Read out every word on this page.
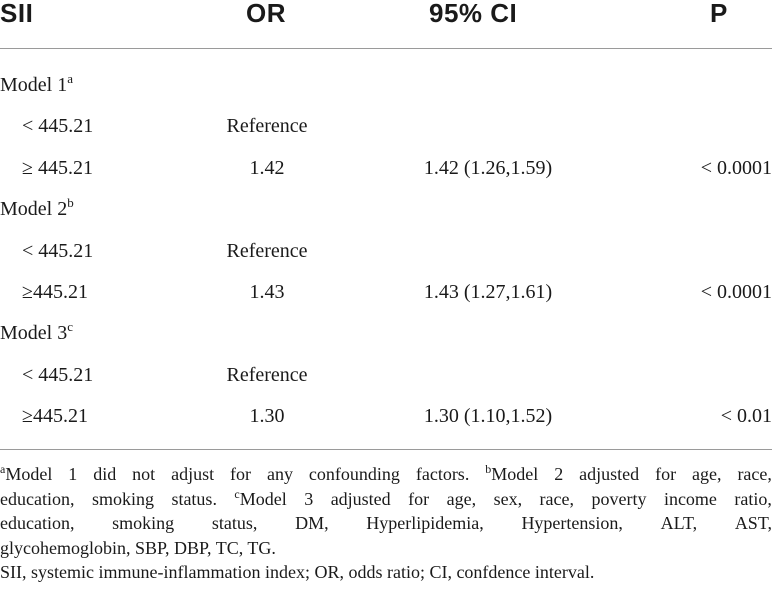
SII	OR	95% CI	P
Model $1^a$
< 445.21	Reference
≥ 445.21	1.42	1.42 (1.26,1.59)	< 0.0001
Model $2^b$
< 445.21	Reference
≥445.21	1.43	1.43 (1.27,1.61)	< 0.0001
Model $3^c$
< 445.21	Reference
≥445.21	1.30	1.30 (1.10,1.52)	< 0.01
$^a$Model 1 did not adjust for any confounding factors. $^b$Model 2 adjusted for age, race,
education, smoking status. $^c$Model 3 adjusted for age, sex, race, poverty income ratio,
education, smoking status, DM, Hyperlipidemia, Hypertension, ALT, AST,
glycohemoglobin, SBP, DBP, TC, TG.
SII, systemic immune-inflammation index; OR, odds ratio; CI, confdence interval.
